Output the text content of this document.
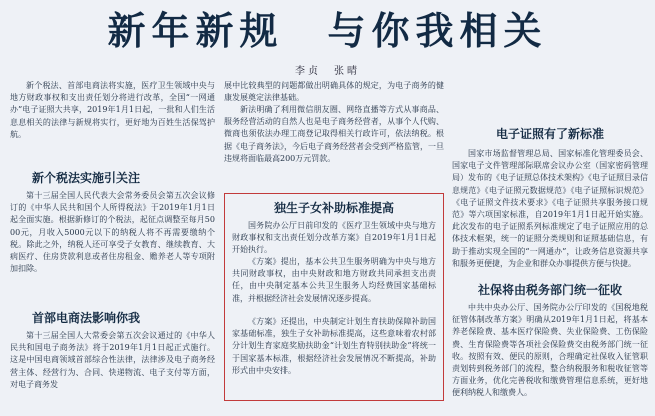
新年新规　与你我相关
李贞　张晴

新个税法、首部电商法将实施，医疗卫生领域中央与地方财政事权和支出责任划分将进行改革，全国“一网通办”电子证照大共享，2019年1月1日起，一批和人们生活息息相关的法律与新规将实行，更好地为百姓生活保驾护航。

新个税法实施引关注

第十三届全国人民代表大会常务委员会第五次会议修订的《中华人民共和国个人所得税法》于2019年1月1日起全面实施。根据新修订的个税法，起征点调整至每月5000元，月收入5000元以下的纳税人将不再需要缴纳个税。除此之外，纳税人还可享受子女教育、继续教育、大病医疗、住房贷款利息或者住房租金、赡养老人等专项附加扣除。

首部电商法影响你我

第十三届全国人大常委会第五次会议通过的《中华人民共和国电子商务法》将于2019年1月1日起正式施行。这是中国电商领域首部综合性法律，法律涉及电子商务经营主体、经营行为、合同、快递物流、电子支付等方面，对电子商务发

展中比较典型的问题都做出明确具体的规定，为电子商务的健康发展奠定法律基础。

新法明确了利用微信朋友圈、网络直播等方式从事商品、服务经营活动的自然人也是电子商务经营者，从事个人代购、微商也须依法办理工商登记取得相关行政许可，依法纳税。根据《电子商务法》，今后电子商务经营者会受到严格监管，一旦违规将面临最高200万元罚款。

独生子女补助标准提高

国务院办公厅日前印发的《医疗卫生领域中央与地方财政事权和支出责任划分改革方案》自2019年1月1日起开始执行。

《方案》提出，基本公共卫生服务明确为中央与地方共同财政事权，由中央财政和地方财政共同承担支出责任，由中央制定基本公共卫生服务人均经费国家基础标准，并根据经济社会发展情况逐步提高。

《方案》还提出，中央制定计划生育扶助保障补助国家基础标准，独生子女补助标准提高，这些意味着农村部分计划生育家庭奖励扶助金“计划生育特别扶助金”将统一于国家基本标准，根据经济社会发展情况不断提高，补助形式由中央安排。

电子证照有了新标准

国家市场监督管理总局、国家标准化管理委员会、国家电子文件管理部际联席会议办公室（国家密码管理局）发布的《电子证照总体技术架构》《电子证照目录信息规范》《电子证照元数据规范》《电子证照标识规范》《电子证照文件技术要求》《电子证照共享服务接口规范》等六项国家标准，自2019年1月1日起开始实施。此次发布的电子证照系列标准规定了电子证照应用的总体技术框架，统一的证照分类规则和证照基础信息，有助于推动实现全国的“一网通办”，让政务信息资源共享和服务更便捷，为企业和群众办事提供方便与快捷。

社保将由税务部门统一征收

中共中央办公厅、国务院办公厅印发的《国税地税征管体制改革方案》明确从2019年1月1日起，将基本养老保险费、基本医疗保险费、失业保险费、工伤保险费、生育保险费等各项社会保险费交由税务部门统一征收。按照有效、便民的原则，合理确定社保收入征管职责划转到税务部门的流程，整合纳税服务和税收征管等方面业务，优化完善税收和缴费管理信息系统，更好地便利纳税人和缴费人。
